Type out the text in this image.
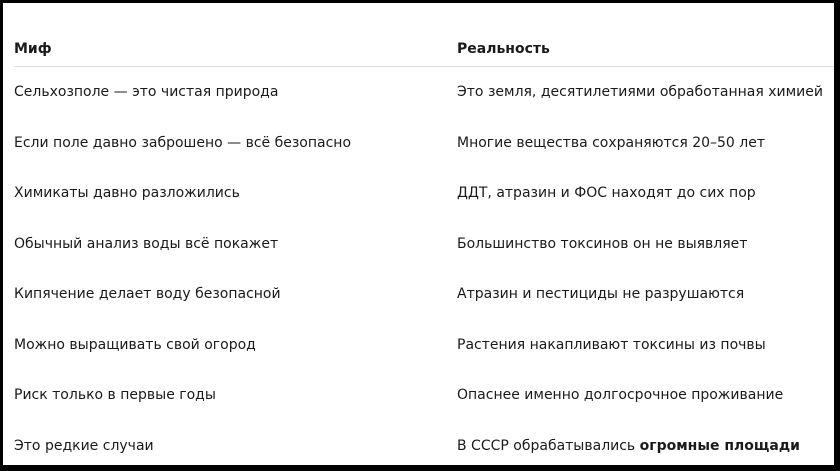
Миф	Реальность
Сельхозполе — это чистая природа	Это земля, десятилетиями обработанная химией
Если поле давно заброшено — всё безопасно	Многие вещества сохраняются 20–50 лет
Химикаты давно разложились	ДДТ, атразин и ФОС находят до сих пор
Обычный анализ воды всё покажет	Большинство токсинов он не выявляет
Кипячение делает воду безопасной	Атразин и пестициды не разрушаются
Можно выращивать свой огород	Растения накапливают токсины из почвы
Риск только в первые годы	Опаснее именно долгосрочное проживание
Это редкие случаи	В СССР обрабатывались огромные площади
